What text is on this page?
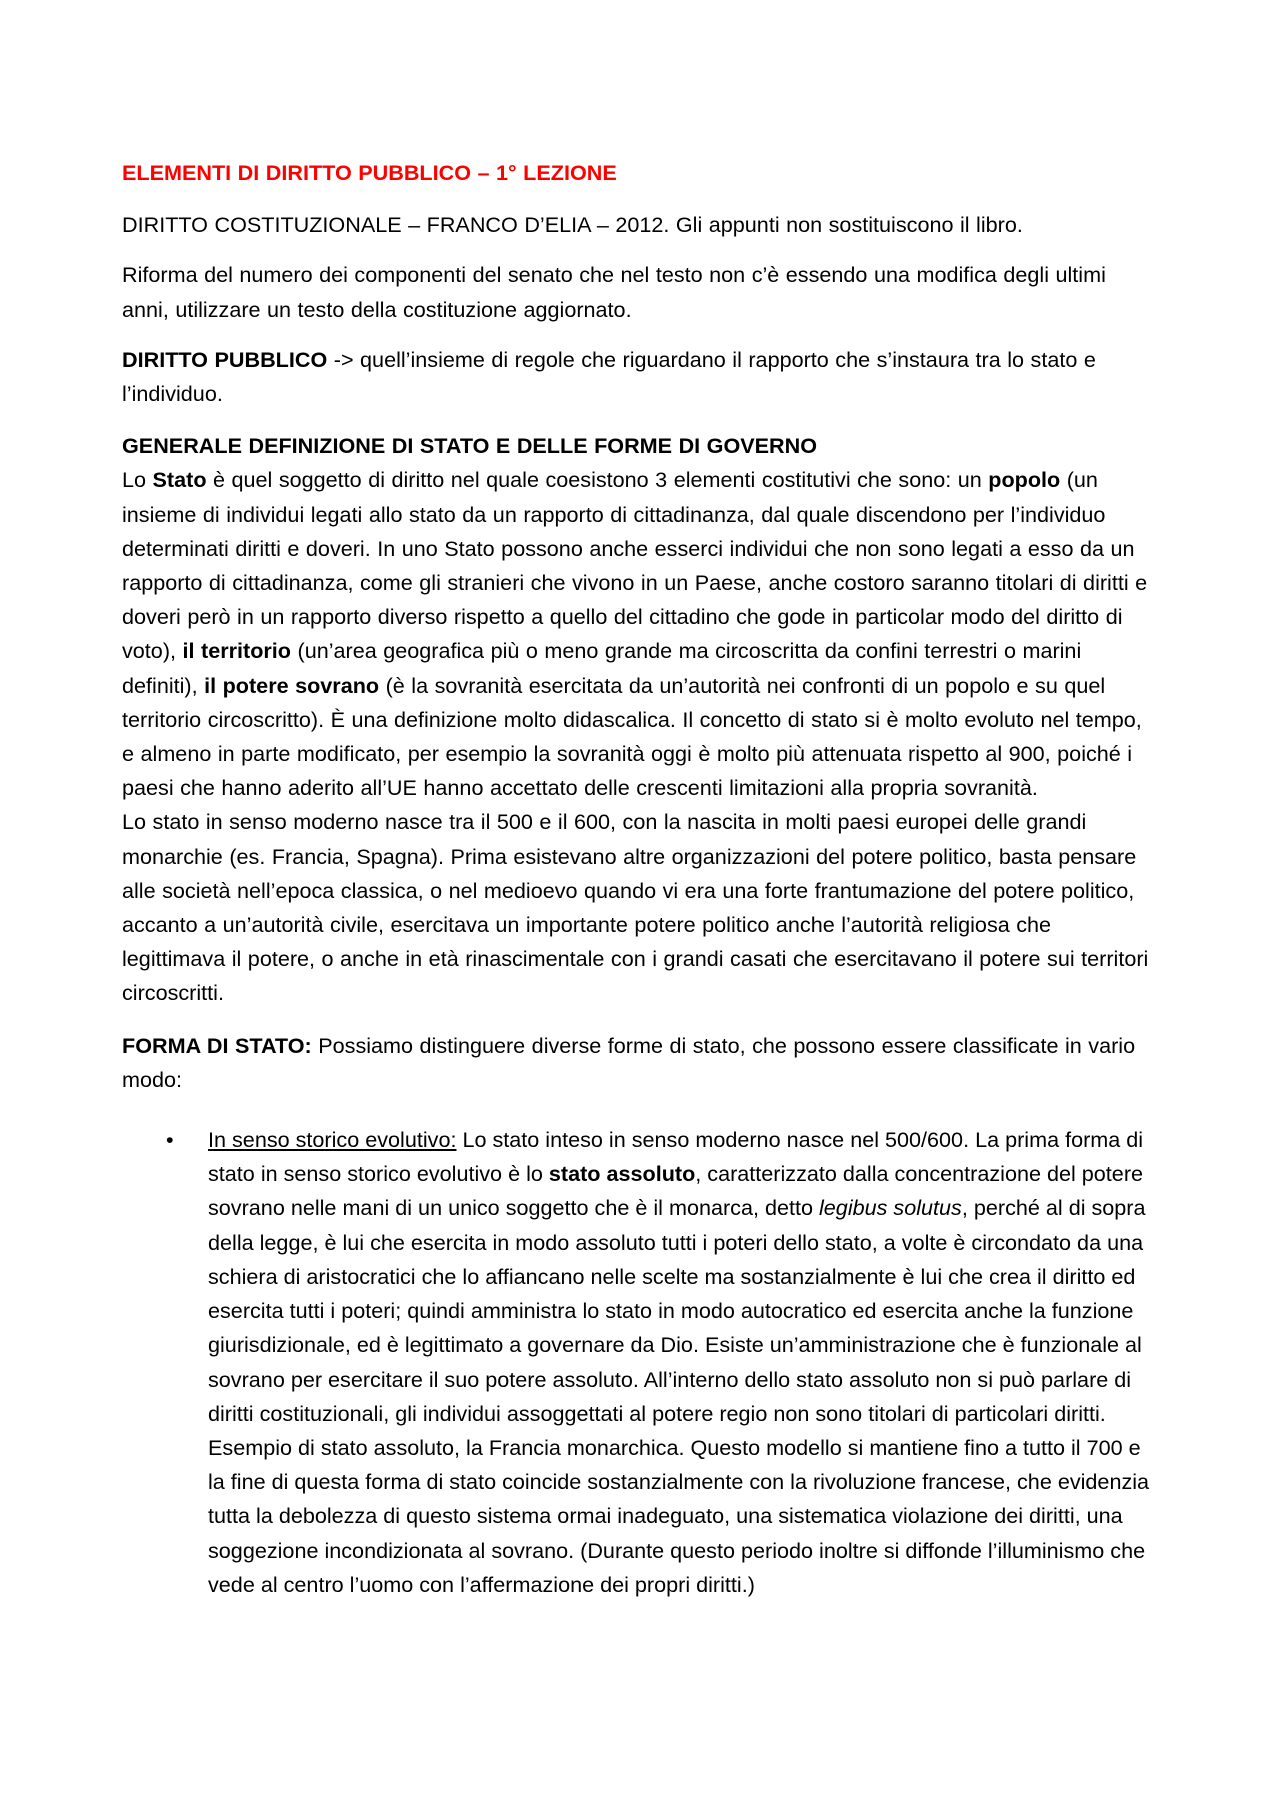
ELEMENTI DI DIRITTO PUBBLICO – 1° LEZIONE

DIRITTO COSTITUZIONALE – FRANCO D’ELIA – 2012. Gli appunti non sostituiscono il libro.

Riforma del numero dei componenti del senato che nel testo non c’è essendo una modifica degli ultimi anni, utilizzare un testo della costituzione aggiornato.

DIRITTO PUBBLICO -> quell’insieme di regole che riguardano il rapporto che s’instaura tra lo stato e l’individuo.

GENERALE DEFINIZIONE DI STATO E DELLE FORME DI GOVERNO
Lo Stato è quel soggetto di diritto nel quale coesistono 3 elementi costitutivi che sono: un popolo (un insieme di individui legati allo stato da un rapporto di cittadinanza, dal quale discendono per l’individuo determinati diritti e doveri. In uno Stato possono anche esserci individui che non sono legati a esso da un rapporto di cittadinanza, come gli stranieri che vivono in un Paese, anche costoro saranno titolari di diritti e doveri però in un rapporto diverso rispetto a quello del cittadino che gode in particolar modo del diritto di voto), il territorio (un’area geografica più o meno grande ma circoscritta da confini terrestri o marini definiti), il potere sovrano (è la sovranità esercitata da un’autorità nei confronti di un popolo e su quel territorio circoscritto). È una definizione molto didascalica. Il concetto di stato si è molto evoluto nel tempo, e almeno in parte modificato, per esempio la sovranità oggi è molto più attenuata rispetto al 900, poiché i paesi che hanno aderito all’UE hanno accettato delle crescenti limitazioni alla propria sovranità.
Lo stato in senso moderno nasce tra il 500 e il 600, con la nascita in molti paesi europei delle grandi monarchie (es. Francia, Spagna). Prima esistevano altre organizzazioni del potere politico, basta pensare alle società nell’epoca classica, o nel medioevo quando vi era una forte frantumazione del potere politico, accanto a un’autorità civile, esercitava un importante potere politico anche l’autorità religiosa che legittimava il potere, o anche in età rinascimentale con i grandi casati che esercitavano il potere sui territori circoscritti.

FORMA DI STATO: Possiamo distinguere diverse forme di stato, che possono essere classificate in vario modo:

• In senso storico evolutivo: Lo stato inteso in senso moderno nasce nel 500/600. La prima forma di stato in senso storico evolutivo è lo stato assoluto, caratterizzato dalla concentrazione del potere sovrano nelle mani di un unico soggetto che è il monarca, detto legibus solutus, perché al di sopra della legge, è lui che esercita in modo assoluto tutti i poteri dello stato, a volte è circondato da una schiera di aristocratici che lo affiancano nelle scelte ma sostanzialmente è lui che crea il diritto ed esercita tutti i poteri; quindi amministra lo stato in modo autocratico ed esercita anche la funzione giurisdizionale, ed è legittimato a governare da Dio. Esiste un’amministrazione che è funzionale al sovrano per esercitare il suo potere assoluto. All’interno dello stato assoluto non si può parlare di diritti costituzionali, gli individui assoggettati al potere regio non sono titolari di particolari diritti. Esempio di stato assoluto, la Francia monarchica. Questo modello si mantiene fino a tutto il 700 e la fine di questa forma di stato coincide sostanzialmente con la rivoluzione francese, che evidenzia tutta la debolezza di questo sistema ormai inadeguato, una sistematica violazione dei diritti, una soggezione incondizionata al sovrano. (Durante questo periodo inoltre si diffonde l’illuminismo che vede al centro l’uomo con l’affermazione dei propri diritti.)
